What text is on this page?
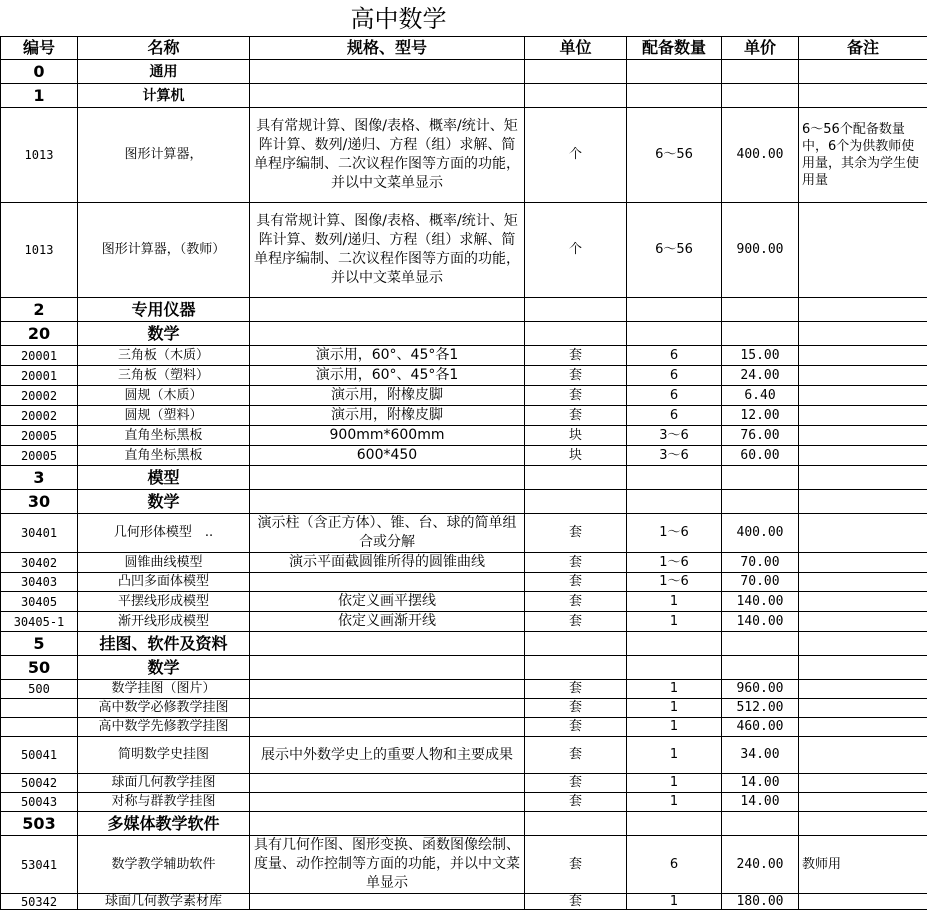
高中数学
编号	名称	规格、型号	单位	配备数量	单价	备注
0	通用					
1	计算机					
1013	图形计算器，	具有常规计算、图像/表格、概率/统计、矩阵计算、数列/递归、方程（组）求解、简单程序编制、二次议程作图等方面的功能，并以中文菜单显示	个	6～56	400.00	6～56个配备数量中，6个为供教师使用量，其余为学生使用量
1013	图形计算器，（教师）	具有常规计算、图像/表格、概率/统计、矩阵计算、数列/递归、方程（组）求解、简单程序编制、二次议程作图等方面的功能，并以中文菜单显示	个	6～56	900.00	
2	专用仪器					
20	数学					
20001	三角板（木质）	演示用，60°、45°各1	套	6	15.00	
20001	三角板（塑料）	演示用，60°、45°各1	套	6	24.00	
20002	圆规（木质）	演示用，附橡皮脚	套	6	6.40	
20002	圆规（塑料）	演示用，附橡皮脚	套	6	12.00	
20005	直角坐标黑板	900mm*600mm	块	3～6	76.00	
20005	直角坐标黑板	600*450	块	3～6	60.00	
3	模型					
30	数学					
30401	几何形体模型　..	演示柱（含正方体）、锥、台、球的简单组合或分解	套	1～6	400.00	
30402	圆锥曲线模型	演示平面截圆锥所得的圆锥曲线	套	1～6	70.00	
30403	凸凹多面体模型		套	1～6	70.00	
30405	平摆线形成模型	依定义画平摆线	套	1	140.00	
30405-1	渐开线形成模型	依定义画渐开线	套	1	140.00	
5	挂图、软件及资料					
50	数学					
500	数学挂图（图片）		套	1	960.00	
	高中数学必修教学挂图		套	1	512.00	
	高中数学先修教学挂图		套	1	460.00	
50041	简明数学史挂图	展示中外数学史上的重要人物和主要成果	套	1	34.00	
50042	球面几何教学挂图		套	1	14.00	
50043	对称与群教学挂图		套	1	14.00	
503	多媒体教学软件					
53041	数学教学辅助软件	具有几何作图、图形变换、函数图像绘制、度量、动作控制等方面的功能，并以中文菜单显示	套	6	240.00	教师用
50342	球面几何教学素材库		套	1	180.00	
